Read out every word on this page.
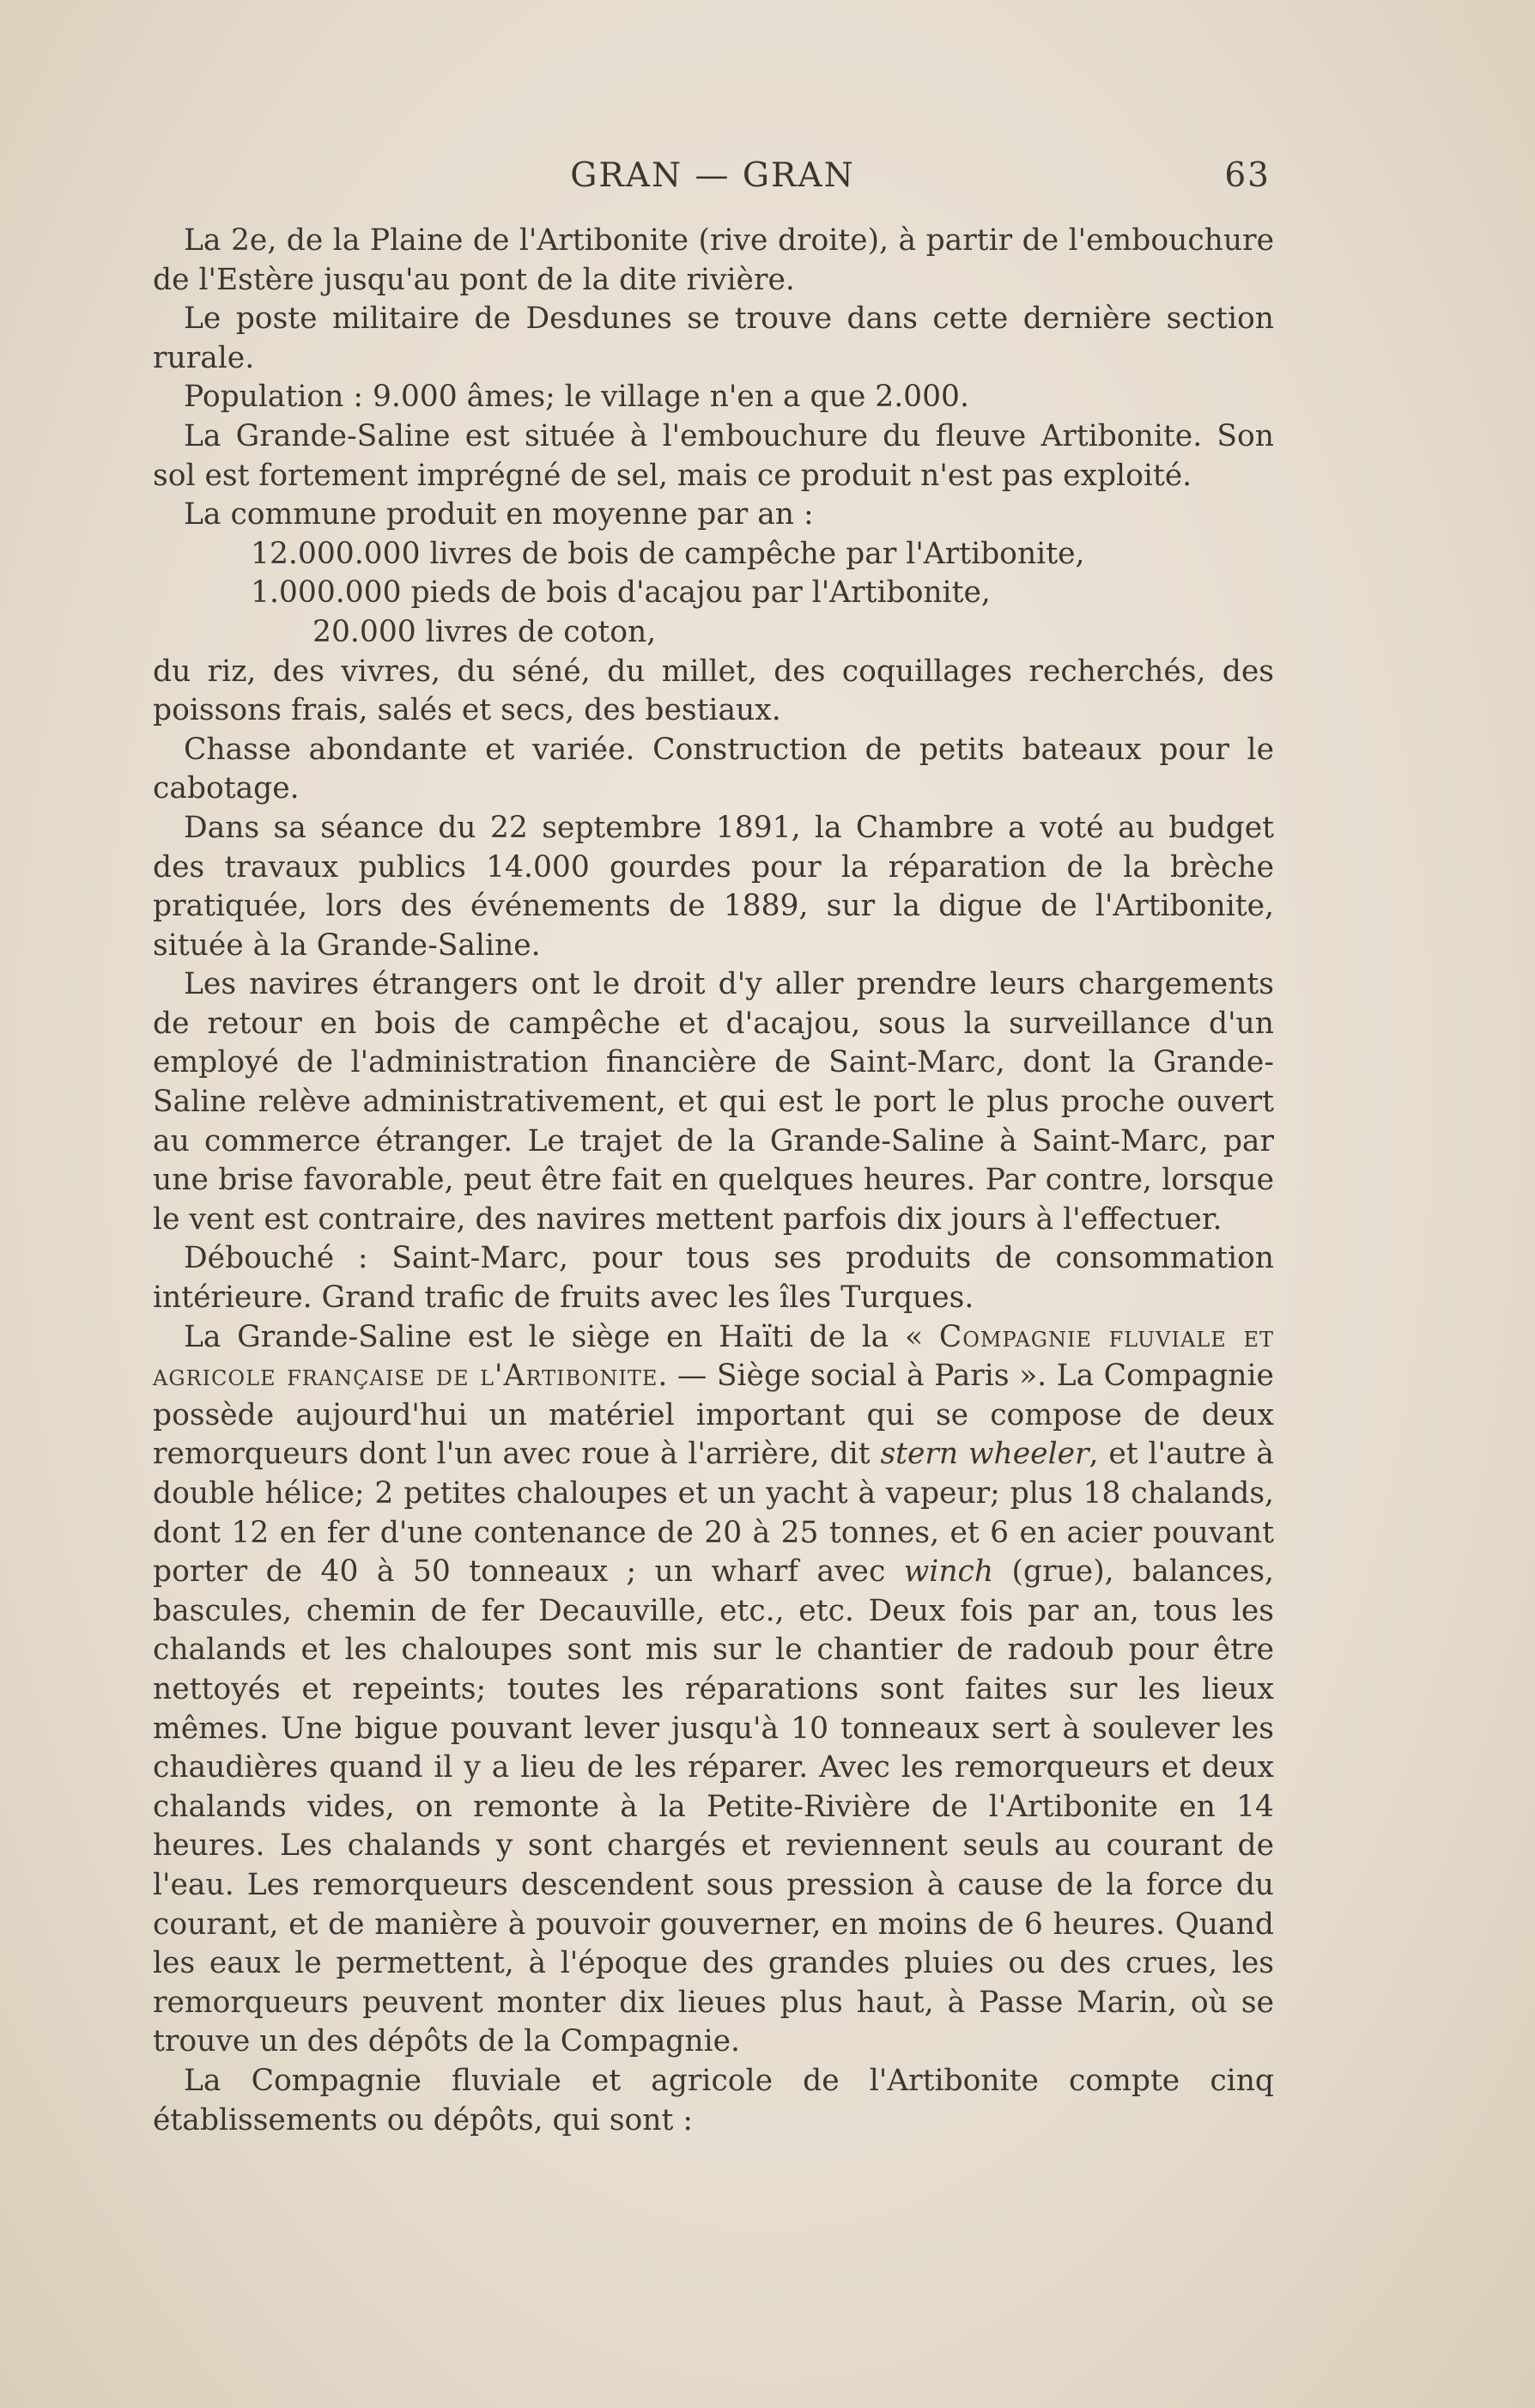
GRAN — GRAN	63

La 2e, de la Plaine de l'Artibonite (rive droite), à partir de l'embouchure de l'Estère jusqu'au pont de la dite rivière.

Le poste militaire de Desdunes se trouve dans cette dernière section rurale.

Population : 9.000 âmes; le village n'en a que 2.000.

La Grande-Saline est située à l'embouchure du fleuve Artibonite. Son sol est fortement imprégné de sel, mais ce produit n'est pas exploité.

La commune produit en moyenne par an :

12.000.000 livres de bois de campêche par l'Artibonite,

1.000.000 pieds de bois d'acajou par l'Artibonite,

20.000 livres de coton,

du riz, des vivres, du séné, du millet, des coquillages recherchés, des poissons frais, salés et secs, des bestiaux.

Chasse abondante et variée. Construction de petits bateaux pour le cabotage.

Dans sa séance du 22 septembre 1891, la Chambre a voté au budget des travaux publics 14.000 gourdes pour la réparation de la brèche pratiquée, lors des événements de 1889, sur la digue de l'Artibonite, située à la Grande-Saline.

Les navires étrangers ont le droit d'y aller prendre leurs chargements de retour en bois de campêche et d'acajou, sous la surveillance d'un employé de l'administration financière de Saint-Marc, dont la Grande-Saline relève administrativement, et qui est le port le plus proche ouvert au commerce étranger. Le trajet de la Grande-Saline à Saint-Marc, par une brise favorable, peut être fait en quelques heures. Par contre, lorsque le vent est contraire, des navires mettent parfois dix jours à l'effectuer.

Débouché : Saint-Marc, pour tous ses produits de consommation intérieure. Grand trafic de fruits avec les îles Turques.

La Grande-Saline est le siège en Haïti de la « Compagnie fluviale et agricole française de l'Artibonite. — Siège social à Paris ». La Compagnie possède aujourd'hui un matériel important qui se compose de deux remorqueurs dont l'un avec roue à l'arrière, dit stern wheeler, et l'autre à double hélice; 2 petites chaloupes et un yacht à vapeur; plus 18 chalands, dont 12 en fer d'une contenance de 20 à 25 tonnes, et 6 en acier pouvant porter de 40 à 50 tonneaux ; un wharf avec winch (grue), balances, bascules, chemin de fer Decauville, etc., etc. Deux fois par an, tous les chalands et les chaloupes sont mis sur le chantier de radoub pour être nettoyés et repeints; toutes les réparations sont faites sur les lieux mêmes. Une bigue pouvant lever jusqu'à 10 tonneaux sert à soulever les chaudières quand il y a lieu de les réparer. Avec les remorqueurs et deux chalands vides, on remonte à la Petite-Rivière de l'Artibonite en 14 heures. Les chalands y sont chargés et reviennent seuls au courant de l'eau. Les remorqueurs descendent sous pression à cause de la force du courant, et de manière à pouvoir gouverner, en moins de 6 heures. Quand les eaux le permettent, à l'époque des grandes pluies ou des crues, les remorqueurs peuvent monter dix lieues plus haut, à Passe Marin, où se trouve un des dépôts de la Compagnie.

La Compagnie fluviale et agricole de l'Artibonite compte cinq établissements ou dépôts, qui sont :
